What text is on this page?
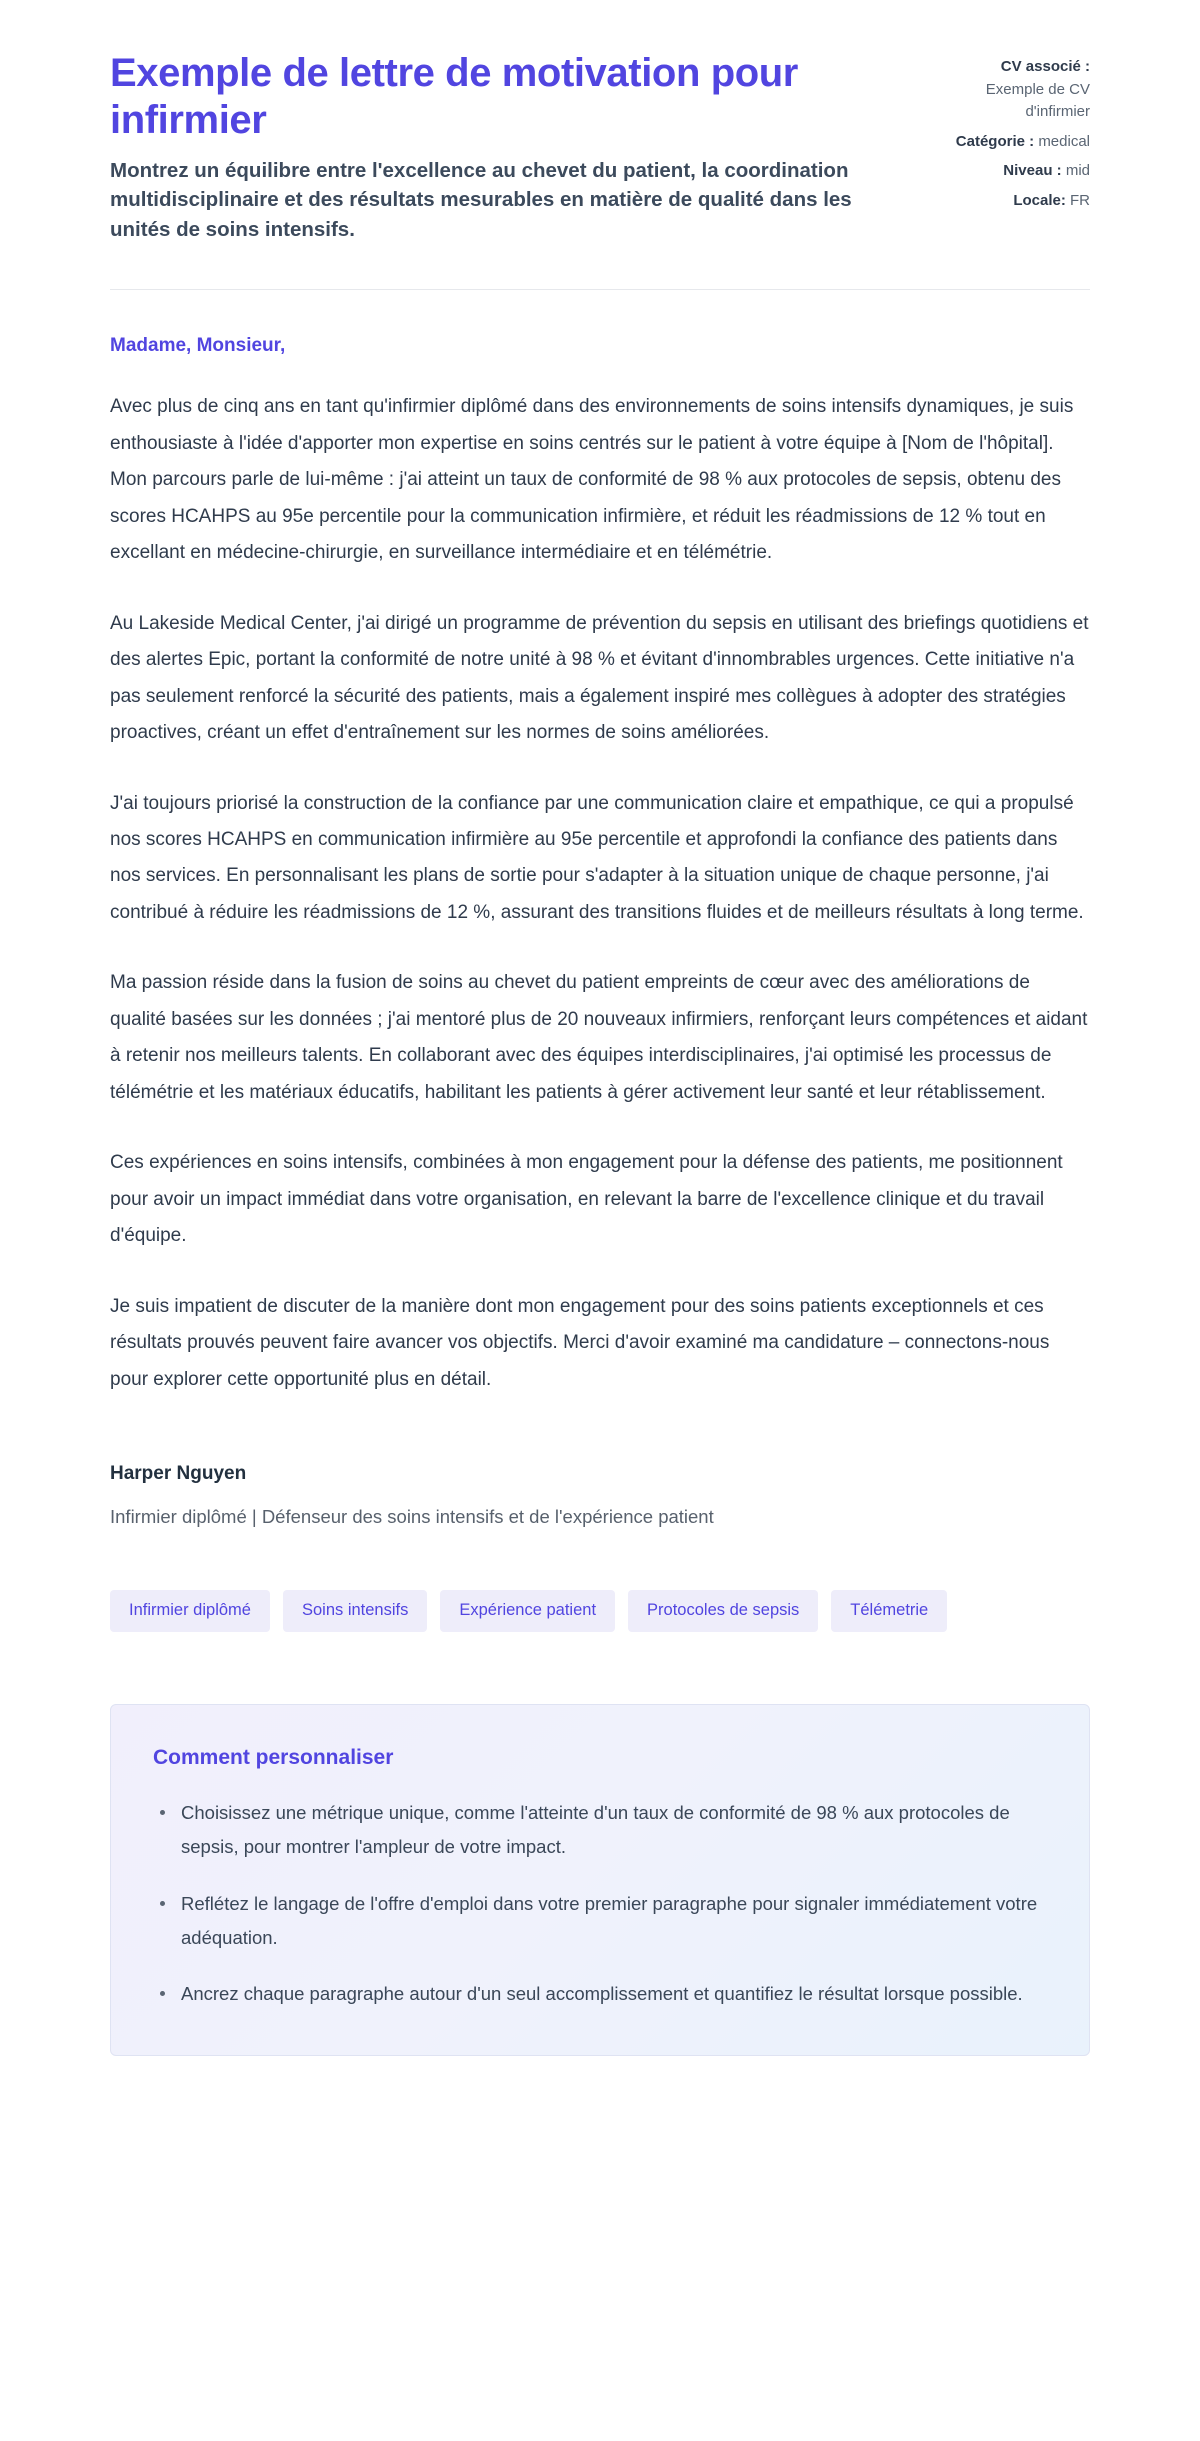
Exemple de lettre de motivation pour infirmier

Montrez un équilibre entre l'excellence au chevet du patient, la coordination multidisciplinaire et des résultats mesurables en matière de qualité dans les unités de soins intensifs.

CV associé : Exemple de CV d'infirmier
Catégorie : medical
Niveau : mid
Locale: FR

Madame, Monsieur,

Avec plus de cinq ans en tant qu'infirmier diplômé dans des environnements de soins intensifs dynamiques, je suis enthousiaste à l'idée d'apporter mon expertise en soins centrés sur le patient à votre équipe à [Nom de l'hôpital]. Mon parcours parle de lui-même : j'ai atteint un taux de conformité de 98 % aux protocoles de sepsis, obtenu des scores HCAHPS au 95e percentile pour la communication infirmière, et réduit les réadmissions de 12 % tout en excellant en médecine-chirurgie, en surveillance intermédiaire et en télémétrie.

Au Lakeside Medical Center, j'ai dirigé un programme de prévention du sepsis en utilisant des briefings quotidiens et des alertes Epic, portant la conformité de notre unité à 98 % et évitant d'innombrables urgences. Cette initiative n'a pas seulement renforcé la sécurité des patients, mais a également inspiré mes collègues à adopter des stratégies proactives, créant un effet d'entraînement sur les normes de soins améliorées.

J'ai toujours priorisé la construction de la confiance par une communication claire et empathique, ce qui a propulsé nos scores HCAHPS en communication infirmière au 95e percentile et approfondi la confiance des patients dans nos services. En personnalisant les plans de sortie pour s'adapter à la situation unique de chaque personne, j'ai contribué à réduire les réadmissions de 12 %, assurant des transitions fluides et de meilleurs résultats à long terme.

Ma passion réside dans la fusion de soins au chevet du patient empreints de cœur avec des améliorations de qualité basées sur les données ; j'ai mentoré plus de 20 nouveaux infirmiers, renforçant leurs compétences et aidant à retenir nos meilleurs talents. En collaborant avec des équipes interdisciplinaires, j'ai optimisé les processus de télémétrie et les matériaux éducatifs, habilitant les patients à gérer activement leur santé et leur rétablissement.

Ces expériences en soins intensifs, combinées à mon engagement pour la défense des patients, me positionnent pour avoir un impact immédiat dans votre organisation, en relevant la barre de l'excellence clinique et du travail d'équipe.

Je suis impatient de discuter de la manière dont mon engagement pour des soins patients exceptionnels et ces résultats prouvés peuvent faire avancer vos objectifs. Merci d'avoir examiné ma candidature – connectons-nous pour explorer cette opportunité plus en détail.

Harper Nguyen

Infirmier diplômé | Défenseur des soins intensifs et de l'expérience patient

Infirmier diplômé	Soins intensifs	Expérience patient	Protocoles de sepsis	Télémetrie
Comment personnaliser
Choisissez une métrique unique, comme l'atteinte d'un taux de conformité de 98 % aux protocoles de sepsis, pour montrer l'ampleur de votre impact.
Reflétez le langage de l'offre d'emploi dans votre premier paragraphe pour signaler immédiatement votre adéquation.
Ancrez chaque paragraphe autour d'un seul accomplissement et quantifiez le résultat lorsque possible.
